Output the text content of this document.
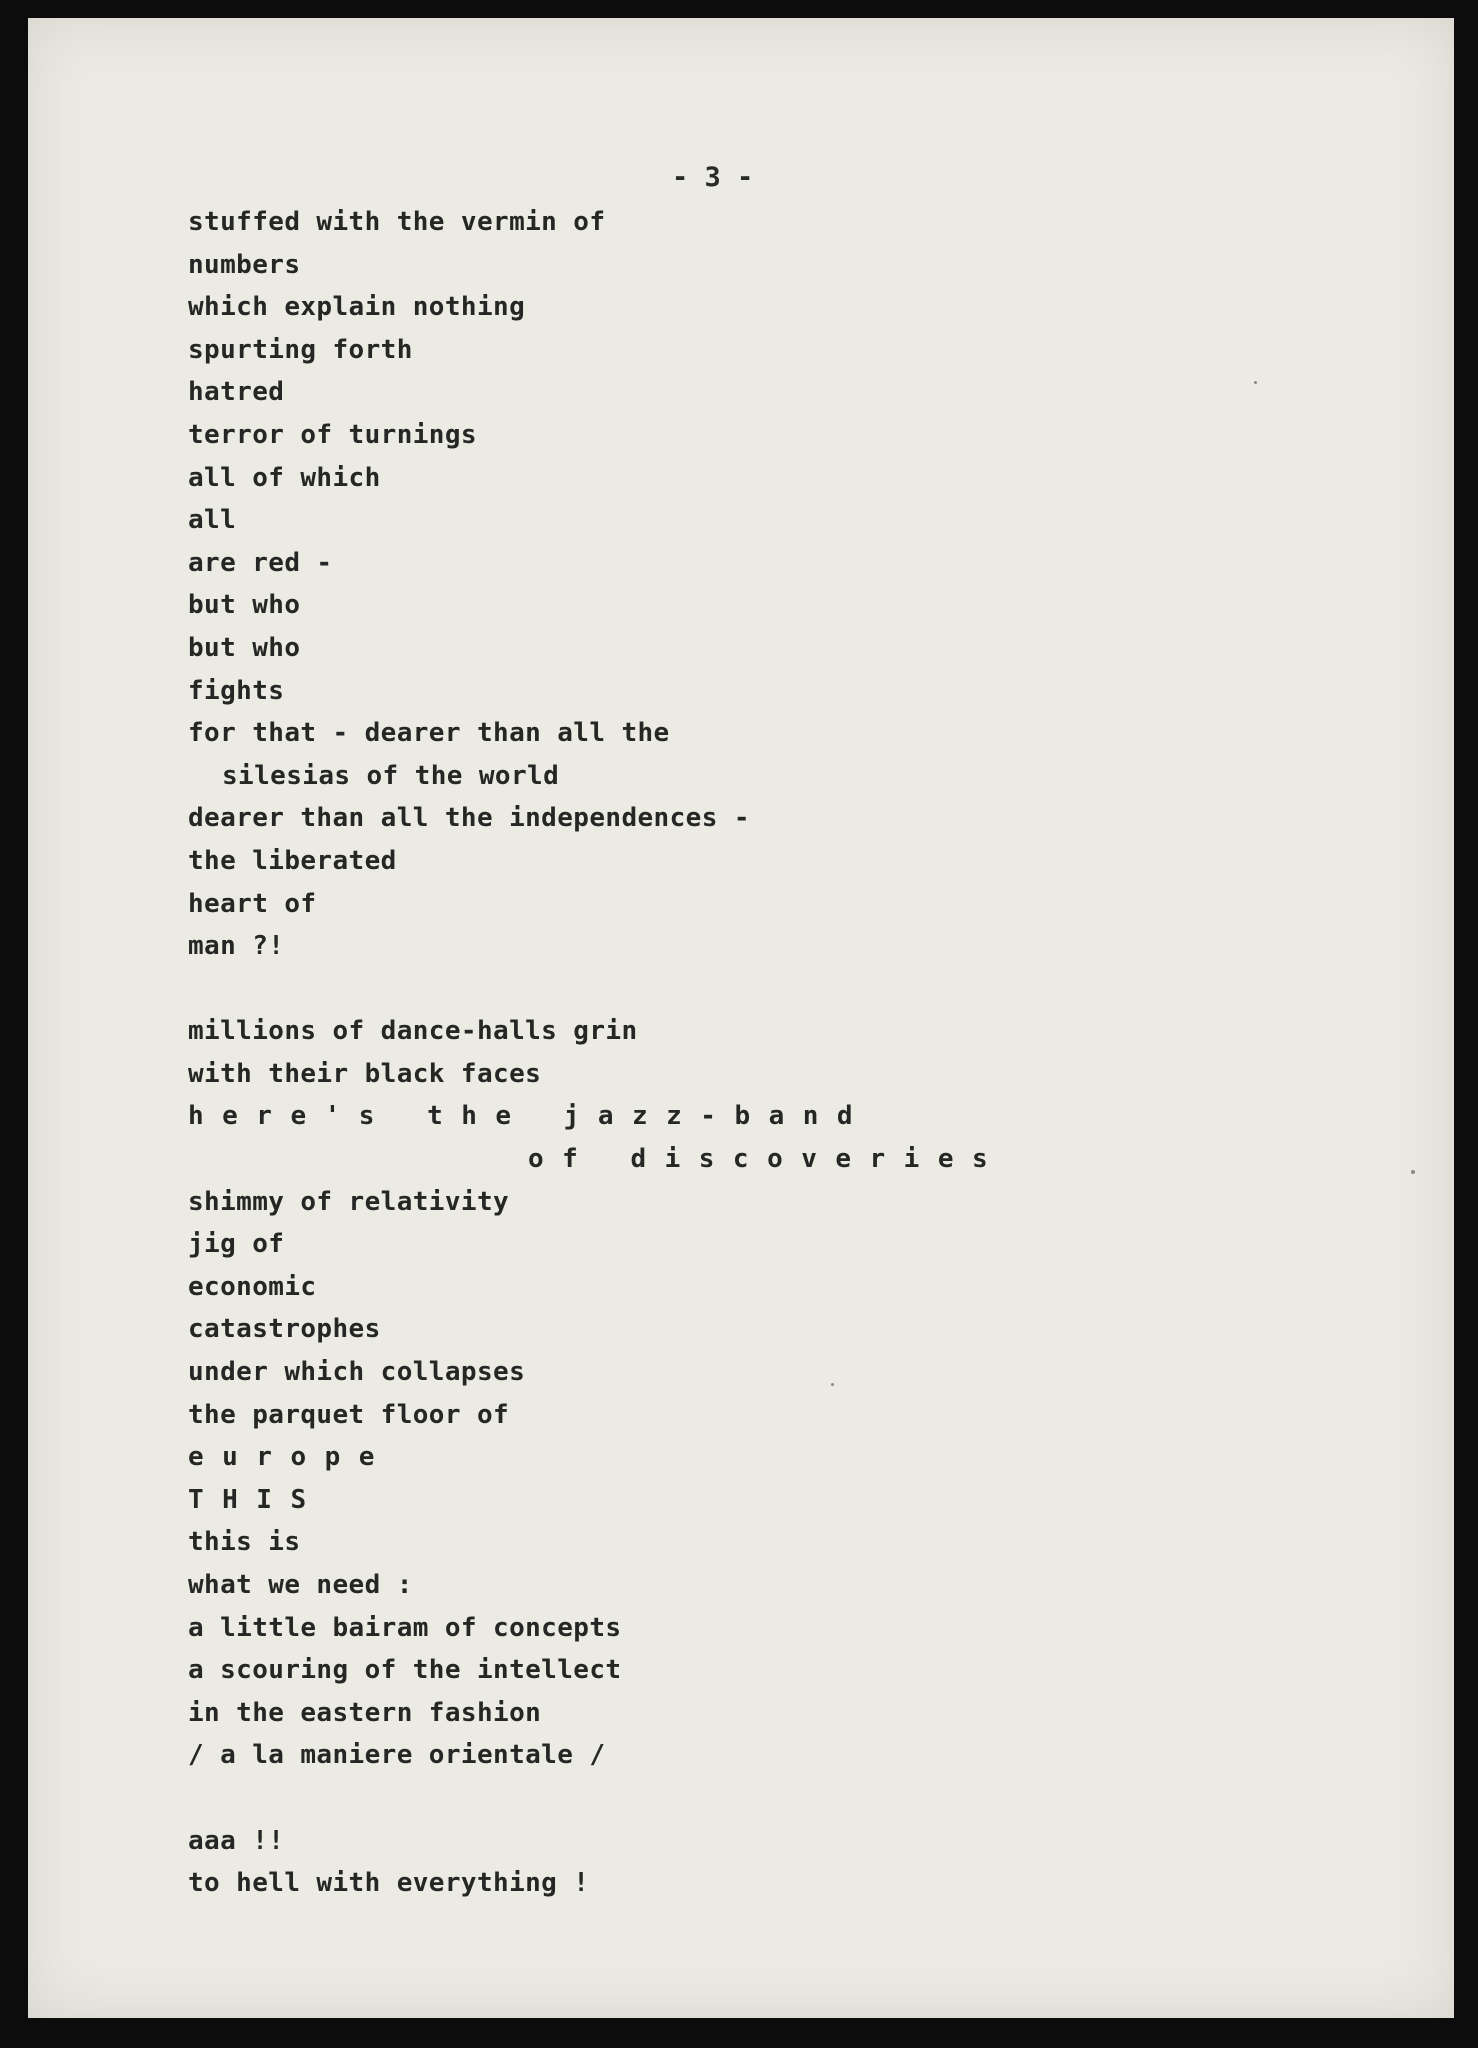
- 3 -
stuffed with the vermin of
numbers
which explain nothing
spurting forth
hatred
terror of turnings
all of which
all
are red -
but who
but who
fights
for that - dearer than all the
silesias of the world
dearer than all the independences -
the liberated
heart of
man ?!
millions of dance-halls grin
with their black faces
here's the jazz-band
of discoveries
shimmy of relativity
jig of
economic
catastrophes
under which collapses
the parquet floor of
europe
THIS
this is
what we need :
a little bairam of concepts
a scouring of the intellect
in the eastern fashion
/ a la maniere orientale /
aaa !!
to hell with everything !
